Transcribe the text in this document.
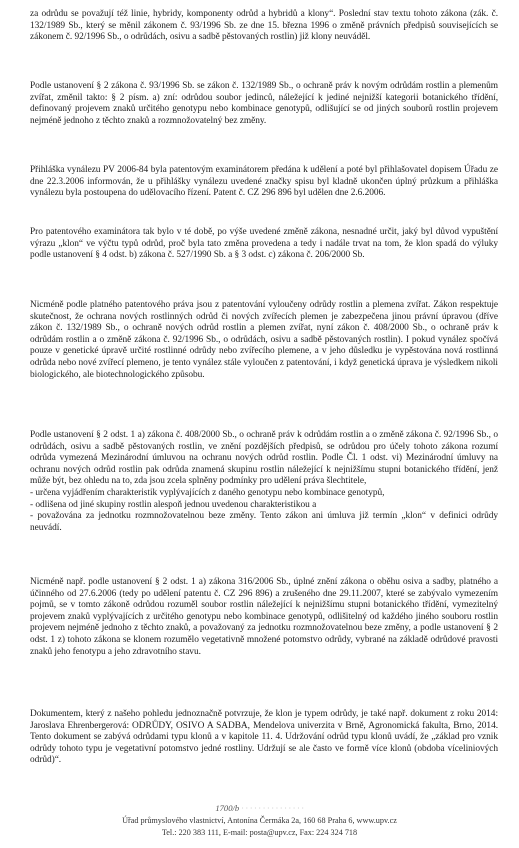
za odrůdu se považují též linie, hybridy, komponenty odrůd a hybridů a klony“. Poslední stav textu tohoto zákona (zák. č. 132/1989 Sb., který se měnil zákonem č. 93/1996 Sb. ze dne 15. března 1996 o změně právních předpisů souvisejících se zákonem č. 92/1996 Sb., o odrůdách, osivu a sadbě pěstovaných rostlin) již klony neuváděl.
Podle ustanovení § 2 zákona č. 93/1996 Sb. se zákon č. 132/1989 Sb., o ochraně práv k novým odrůdám rostlin a plemenům zvířat, změnil takto: § 2 písm. a) zní: odrůdou soubor jedinců, náležející k jediné nejnižší kategorii botanického třídění, definovaný projevem znaků určitého genotypu nebo kombinace genotypů, odlišující se od jiných souborů rostlin projevem nejméně jednoho z těchto znaků a rozmnožovatelný bez změny.
Přihláška vynálezu PV 2006-84 byla patentovým examinátorem předána k udělení a poté byl přihlašovatel dopisem Úřadu ze dne 22.3.2006 informován, že u přihlášky vynálezu uvedené značky spisu byl kladně ukončen úplný průzkum a přihláška vynálezu byla postoupena do udělovacího řízení. Patent č. CZ 296 896 byl udělen dne 2.6.2006.
Pro patentového examinátora tak bylo v té době, po výše uvedené změně zákona, nesnadné určit, jaký byl důvod vypuštění výrazu „klon“ ve výčtu typů odrůd, proč byla tato změna provedena a tedy i nadále trvat na tom, že klon spadá do výluky podle ustanovení § 4 odst. b) zákona č. 527/1990 Sb. a § 3 odst. c) zákona č. 206/2000 Sb.
Nicméně podle platného patentového práva jsou z patentování vyloučeny odrůdy rostlin a plemena zvířat. Zákon respektuje skutečnost, že ochrana nových rostlinných odrůd či nových zvířecích plemen je zabezpečena jinou právní úpravou (dříve zákon č. 132/1989 Sb., o ochraně nových odrůd rostlin a plemen zvířat, nyní zákon č. 408/2000 Sb., o ochraně práv k odrůdám rostlin a o změně zákona č. 92/1996 Sb., o odrůdách, osivu a sadbě pěstovaných rostlin). I pokud vynález spočívá pouze v genetické úpravě určité rostlinné odrůdy nebo zvířecího plemene, a v jeho důsledku je vypěstována nová rostlinná odrůda nebo nové zvířecí plemeno, je tento vynález stále vyloučen z patentování, i když genetická úprava je výsledkem nikoli biologického, ale biotechnologického způsobu.
Podle ustanovení § 2 odst. 1 a) zákona č. 408/2000 Sb., o ochraně práv k odrůdám rostlin a o změně zákona č. 92/1996 Sb., o odrůdách, osivu a sadbě pěstovaných rostlin, ve znění pozdějších předpisů, se odrůdou pro účely tohoto zákona rozumí odrůda vymezená Mezinárodní úmluvou na ochranu nových odrůd rostlin. Podle Čl. 1 odst. vi) Mezinárodní úmluvy na ochranu nových odrůd rostlin pak odrůda znamená skupinu rostlin náležející k nejnižšímu stupni botanického třídění, jenž může být, bez ohledu na to, zda jsou zcela splněny podmínky pro udělení práva šlechtitele,
- určena vyjádřením charakteristik vyplývajících z daného genotypu nebo kombinace genotypů,
- odlišena od jiné skupiny rostlin alespoň jednou uvedenou charakteristikou a
- považována za jednotku rozmnožovatelnou beze změny. Tento zákon ani úmluva již termín „klon“ v definici odrůdy neuvádí.
Nicméně např. podle ustanovení § 2 odst. 1 a) zákona 316/2006 Sb., úplné znění zákona o oběhu osiva a sadby, platného a účinného od 27.6.2006 (tedy po udělení patentu č. CZ 296 896) a zrušeného dne 29.11.2007, které se zabývalo vymezením pojmů, se v tomto zákoně odrůdou rozuměl soubor rostlin náležející k nejnižšímu stupni botanického třídění, vymezitelný projevem znaků vyplývajících z určitého genotypu nebo kombinace genotypů, odlišitelný od každého jiného souboru rostlin projevem nejméně jednoho z těchto znaků, a považovaný za jednotku rozmnožovatelnou beze změny, a podle ustanovení § 2 odst. 1 z) tohoto zákona se klonem rozumělo vegetativně množené potomstvo odrůdy, vybrané na základě odrůdové pravosti znaků jeho fenotypu a jeho zdravotního stavu.
Dokumentem, který z našeho pohledu jednoznačně potvrzuje, že klon je typem odrůdy, je také např. dokument z roku 2014: Jaroslava Ehrenbergerová: ODRŮDY, OSIVO A SADBA, Mendelova univerzita v Brně, Agronomická fakulta, Brno, 2014. Tento dokument se zabývá odrůdami typu klonů a v kapitole 11. 4. Udržování odrůd typu klonů uvádí, že „základ pro vznik odrůdy tohoto typu je vegetativní potomstvo jedné rostliny. Udržují se ale často ve formě více klonů (obdoba víceliniových odrůd)“.
1700/b · · · · · · · · · · · · · · ·
Úřad průmyslového vlastnictví, Antonína Čermáka 2a, 160 68 Praha 6, www.upv.cz
Tel.: 220 383 111, E-mail: posta@upv.cz, Fax: 224 324 718
